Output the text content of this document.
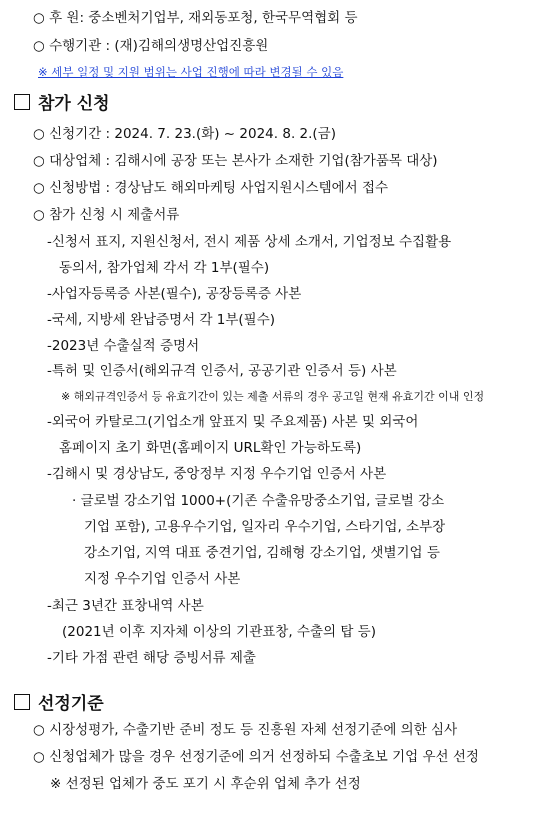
○ 후 원: 중소벤처기업부, 재외동포청, 한국무역협회 등
○ 수행기관 : (재)김해의생명산업진흥원
※ 세부 일정 및 지원 범위는 사업 진행에 따라 변경될 수 있음
참가 신청
○ 신청기간 : 2024. 7. 23.(화) ~ 2024. 8. 2.(금)
○ 대상업체 : 김해시에 공장 또는 본사가 소재한 기업(참가품목 대상)
○ 신청방법 : 경상남도 해외마케팅 사업지원시스템에서 접수
○ 참가 신청 시 제출서류
-신청서 표지, 지원신청서, 전시 제품 상세 소개서, 기업정보 수집활용
동의서, 참가업체 각서 각 1부(필수)
-사업자등록증 사본(필수), 공장등록증 사본
-국세, 지방세 완납증명서 각 1부(필수)
-2023년 수출실적 증명서
-특허 및 인증서(해외규격 인증서, 공공기관 인증서 등) 사본
※ 해외규격인증서 등 유효기간이 있는 제출 서류의 경우 공고일 현재 유효기간 이내 인정
-외국어 카탈로그(기업소개 앞표지 및 주요제품) 사본 및 외국어
홈페이지 초기 화면(홈페이지 URL확인 가능하도록)
-김해시 및 경상남도, 중앙정부 지정 우수기업 인증서 사본
· 글로벌 강소기업 1000+(기존 수출유망중소기업, 글로벌 강소
기업 포함), 고용우수기업, 일자리 우수기업, 스타기업, 소부장
강소기업, 지역 대표 중견기업, 김해형 강소기업, 샛별기업 등
지정 우수기업 인증서 사본
-최근 3년간 표창내역 사본
(2021년 이후 지자체 이상의 기관표창, 수출의 탑 등)
-기타 가점 관련 해당 증빙서류 제출
선정기준
○ 시장성평가, 수출기반 준비 정도 등 진흥원 자체 선정기준에 의한 심사
○ 신청업체가 많을 경우 선정기준에 의거 선정하되 수출초보 기업 우선 선정
※ 선정된 업체가 중도 포기 시 후순위 업체 추가 선정
